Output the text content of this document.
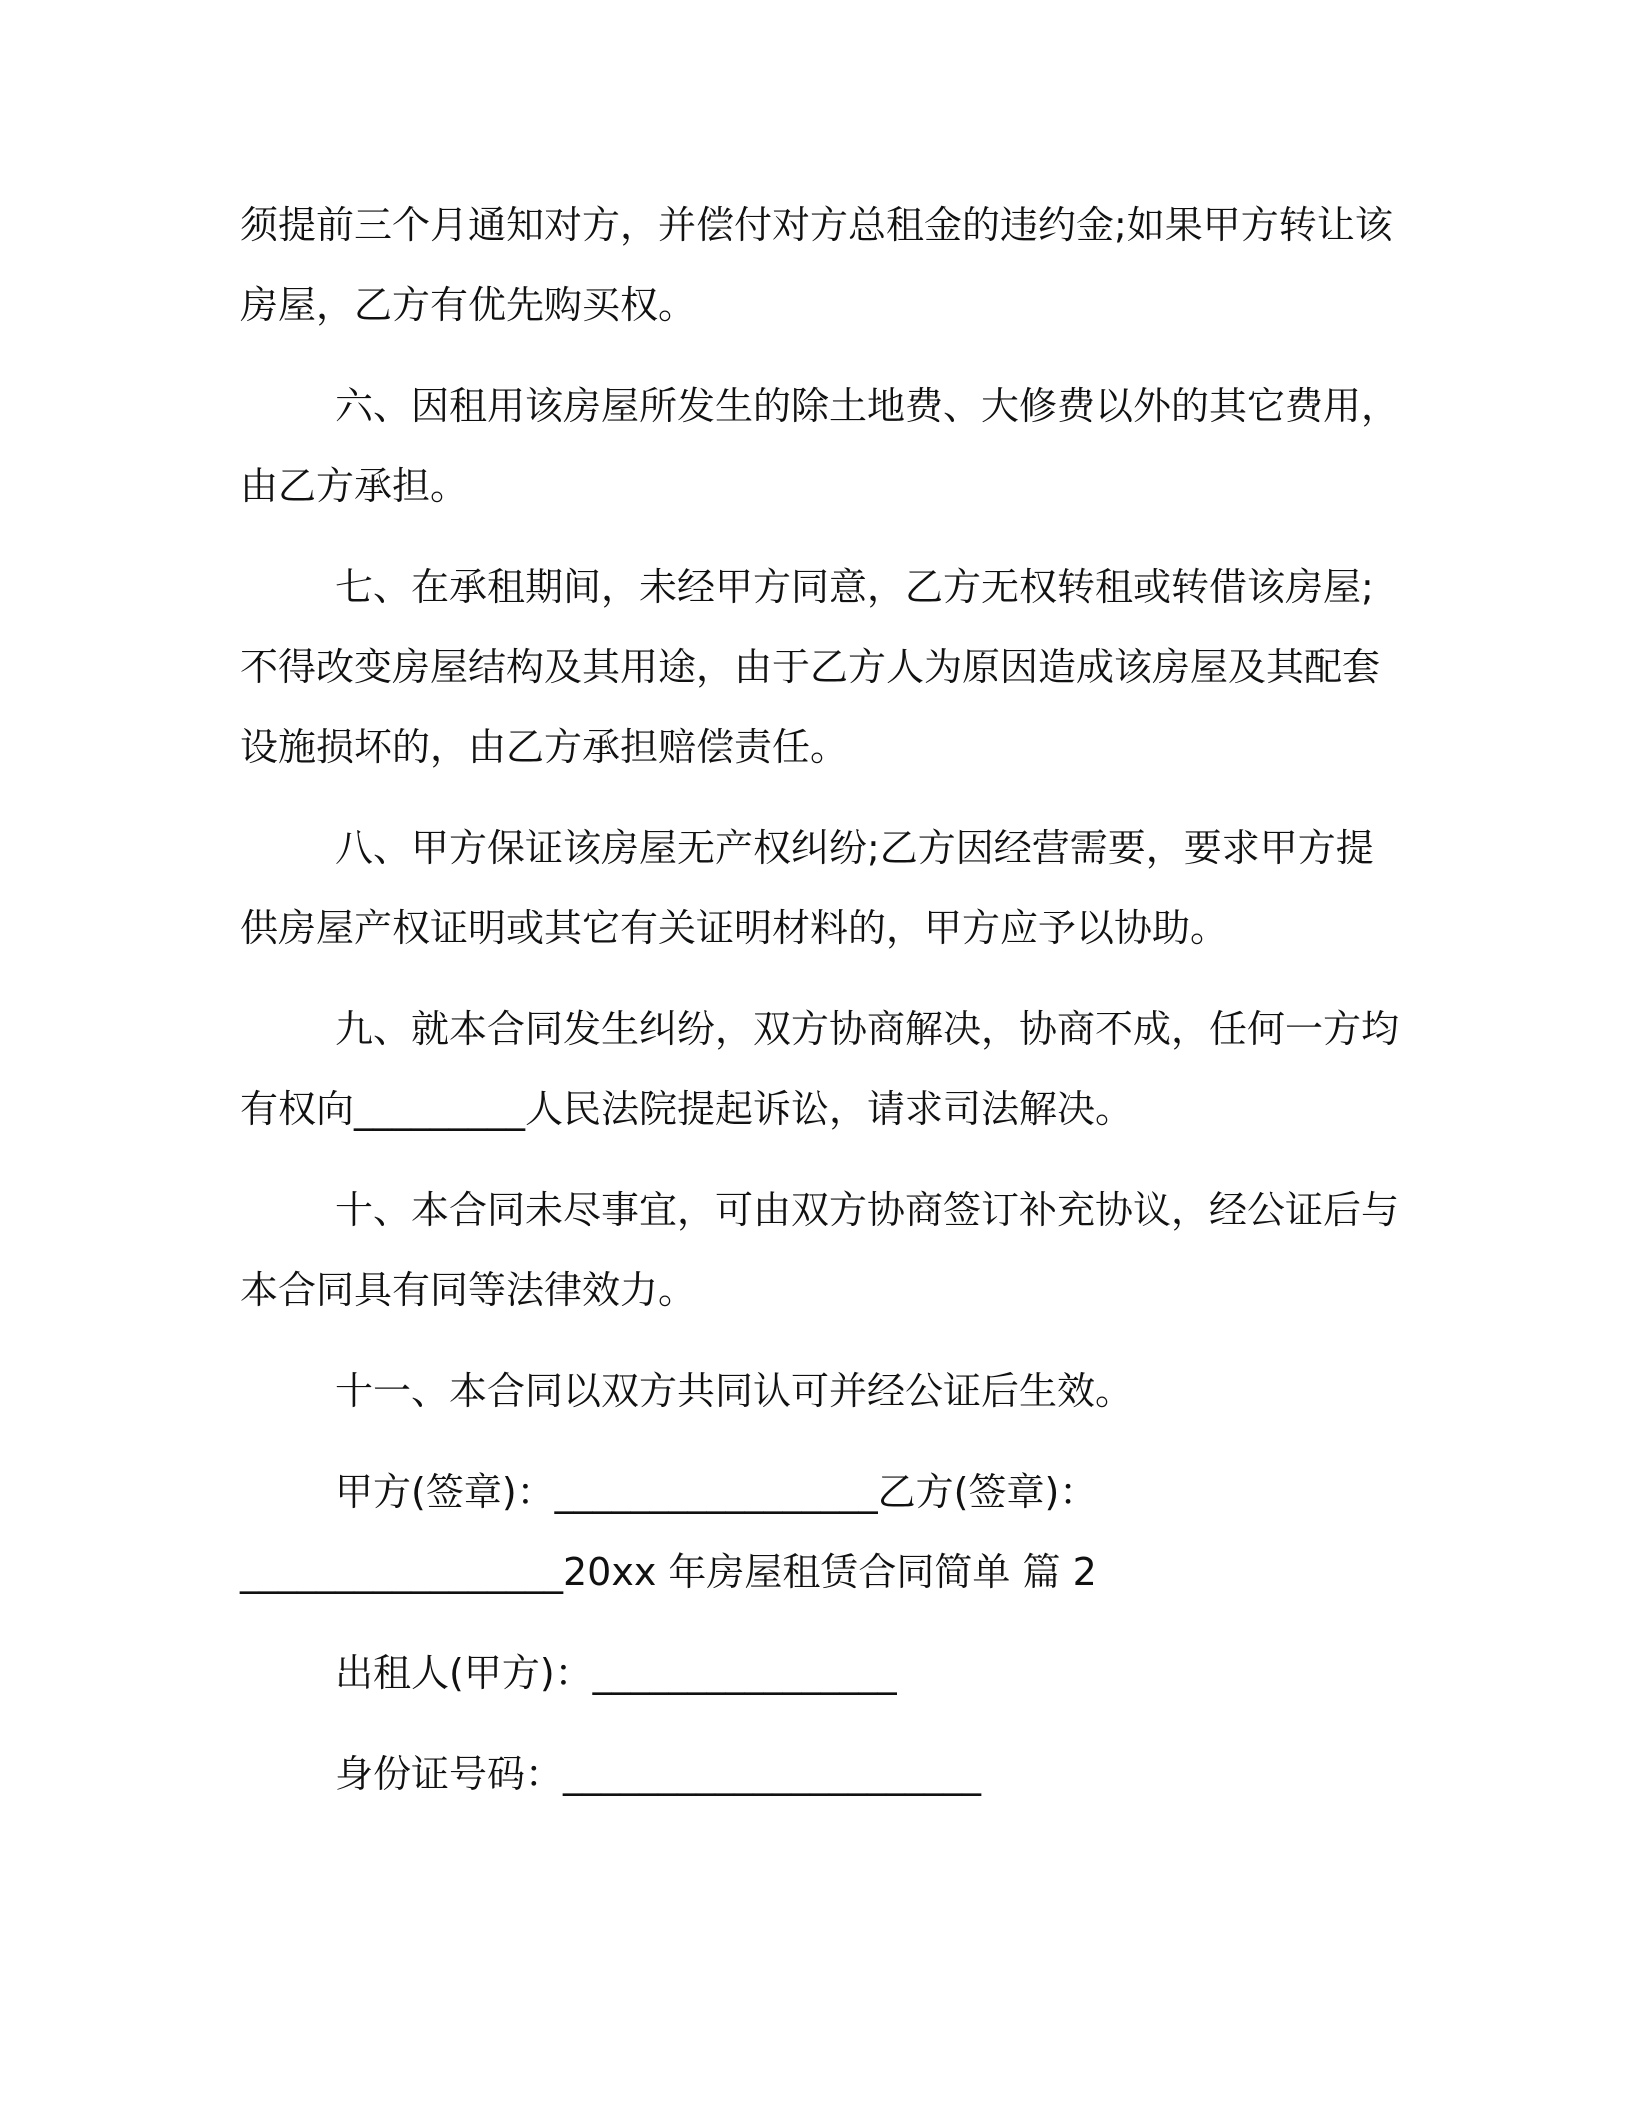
须提前三个月通知对方，并偿付对方总租金的违约金;如果甲方转让该
房屋，乙方有优先购买权。

六、因租用该房屋所发生的除土地费、大修费以外的其它费用，
由乙方承担。

七、在承租期间，未经甲方同意，乙方无权转租或转借该房屋;
不得改变房屋结构及其用途，由于乙方人为原因造成该房屋及其配套
设施损坏的，由乙方承担赔偿责任。

八、甲方保证该房屋无产权纠纷;乙方因经营需要，要求甲方提
供房屋产权证明或其它有关证明材料的，甲方应予以协助。

九、就本合同发生纠纷，双方协商解决，协商不成，任何一方均
有权向_________人民法院提起诉讼，请求司法解决。

十、本合同未尽事宜，可由双方协商签订补充协议，经公证后与
本合同具有同等法律效力。

十一、本合同以双方共同认可并经公证后生效。

甲方(签章)：_________________乙方(签章)：
_________________20xx 年房屋租赁合同简单 篇 2

出租人(甲方)：________________

身份证号码：______________________
